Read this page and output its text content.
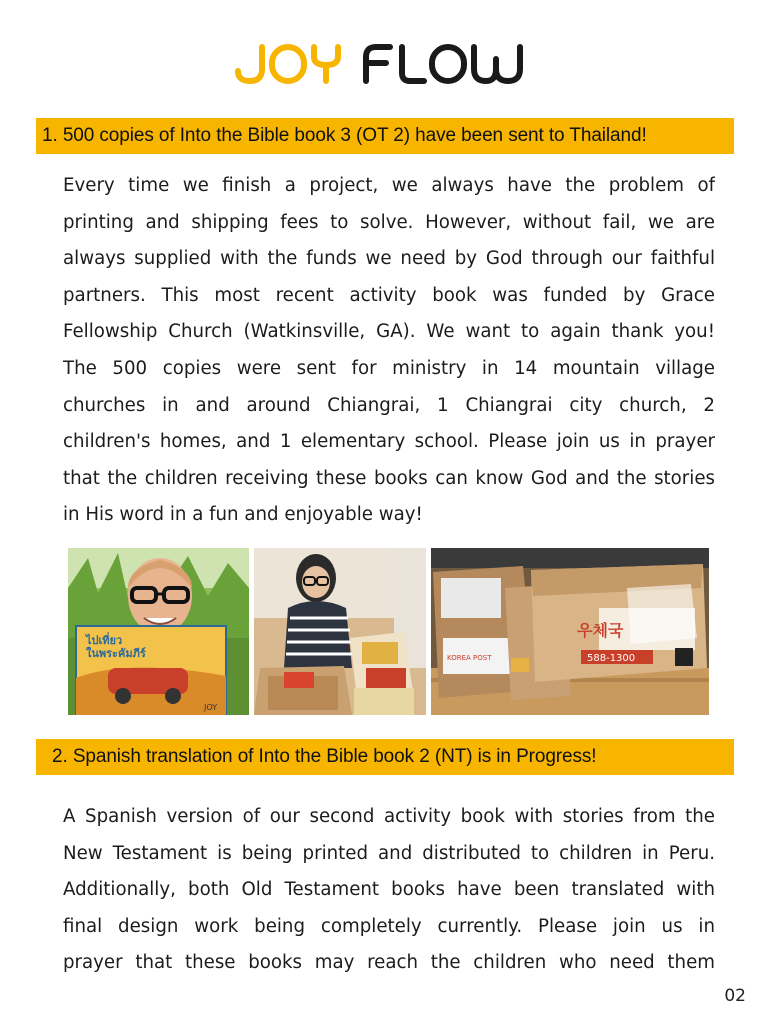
1. 500 copies of Into the Bible book 3 (OT 2) have been sent to Thailand!
Every time we finish a project, we always have the problem of
printing and shipping fees to solve. However, without fail, we are
always supplied with the funds we need by God through our faithful
partners. This most recent activity book was funded by Grace
Fellowship Church (Watkinsville, GA). We want to again thank you!
The 500 copies were sent for ministry in 14 mountain village
churches in and around Chiangrai, 1 Chiangrai city church, 2
children's homes, and 1 elementary school. Please join us in prayer
that the children receiving these books can know God and the stories
in His word in a fun and enjoyable way!
ไปเที่ยวในพระคัมภีร์
JOY
KOREA POST
우체국
588-1300
2. Spanish translation of Into the Bible book 2 (NT) is in Progress!
A Spanish version of our second activity book with stories from the
New Testament is being printed and distributed to children in Peru.
Additionally, both Old Testament books have been translated with
final design work being completely currently. Please join us in
prayer that these books may reach the children who need them
02
